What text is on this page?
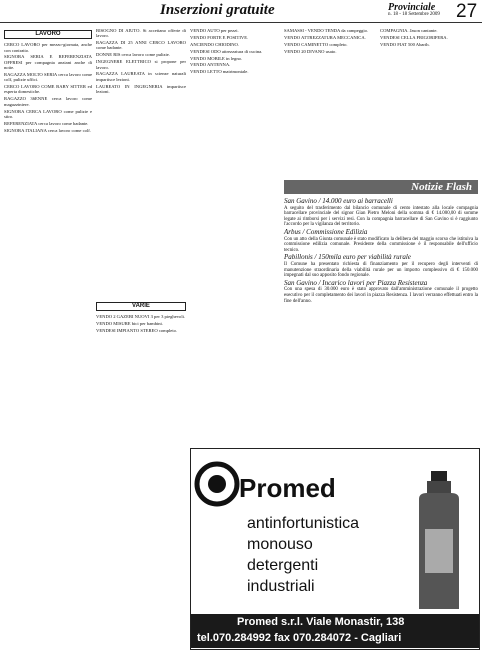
Inserzioni gratuite	Provinciale
n. 18 - 18 Settembre 2009 27
LAVORO

CERCO LAVORO per mezzo-giornata, anche con contratto.

SIGNORA SERIA E REFERENZIATA OFFRESI per compagnia anziani anche di notte.

RAGAZZA MOLTO SERIA cerca lavoro come colf, pulizie uffici.

CERCO LAVORO COME BABY SITTER ed esperta domestiche.

RAGAZZO 36ENNE cerca lavoro come magazziniere.

SIGNORA CERCA LAVORO come pulizie e stiro.

REFERENZIATA cerca lavoro come badante.

SIGNORA ITALIANA cerca lavoro come colf.

BISOGNO DI AIUTO. Si accettano offerte di lavoro.

RAGAZZA DI 25 ANNI CERCO LAVORO come badante.

DONNE RIS cerca lavoro come pulizie.

INGEGNERE ELETTRICO si propone per lavoro.

RAGAZZA LAUREATA in scienze naturali impartisce lezioni.

LAUREATO IN INGEGNERIA impartisce lezioni.

VARIE

VENDO 2 GAZEBI NUOVI 3 per 3 pieghevoli.

VENDO MISURE bici per bambini.

VENDESI IMPIANTO STEREO completo.

VENDO AUTO per pezzi.

VENDO FORTE E POSITIVE.

ANCIENDO CHIODINO.

VENDESI ODO attrezzatura di cucina.

VENDO MOBILE in legno.

VENDO ANTENNA.

VENDO LETTO matrimoniale.

SAMASSI - VENDO TENDA da campeggio.

VENDO ATTREZZATURA MECCANICA.

VENDO CAMINETTO completo.

VENDO 20 DIVANO usato.

COMPAGNIA. Jason cantante.

VENDESI CELLA FRIGORIFERA.

VENDO FIAT 500 Abarth.

Notizie Flash
San Gavino / 14.000 euro ai barracelli

A seguito del trasferimento dal bilancio comunale di cento intestato alla locale compagnia barracellare provinciale del signor Gian Pietro Meloni della somma di € 14.000,00 di somme legate ai rimborsi per i servizi resi. Con la compagnia barracellare di San Gavino si è raggiunto l'accordo per la vigilanza del territorio.

Arbus / Commissione Edilizia

Con un atto della Giunta comunale è stato modificato la delibera del maggio scorso che istituiva la commissione edilizia comunale. Presidente della commissione è il responsabile dell'ufficio tecnico.

Pabillonis / 150mila euro per viabilità rurale

Il Comune ha presentato richiesta di finanziamento per il recupero degli interventi di manutenzione straordinaria della viabilità rurale per un importo complessivo di € 150.000 impegnati dal suo apposito fondo regionale.

San Gavino / Incarico lavori per Piazza Resistenza

Con una spesa di 30.000 euro è stato approvato dall'amministrazione comunale il progetto esecutivo per il completamento dei lavori in piazza Resistenza. I lavori verranno effettuati entro la fine dell'anno.

Promed
antinfortunistica
monouso
detergenti
industriali
Promed s.r.l. Viale Monastir, 138
tel.070.284992 fax 070.284072 - Cagliari
